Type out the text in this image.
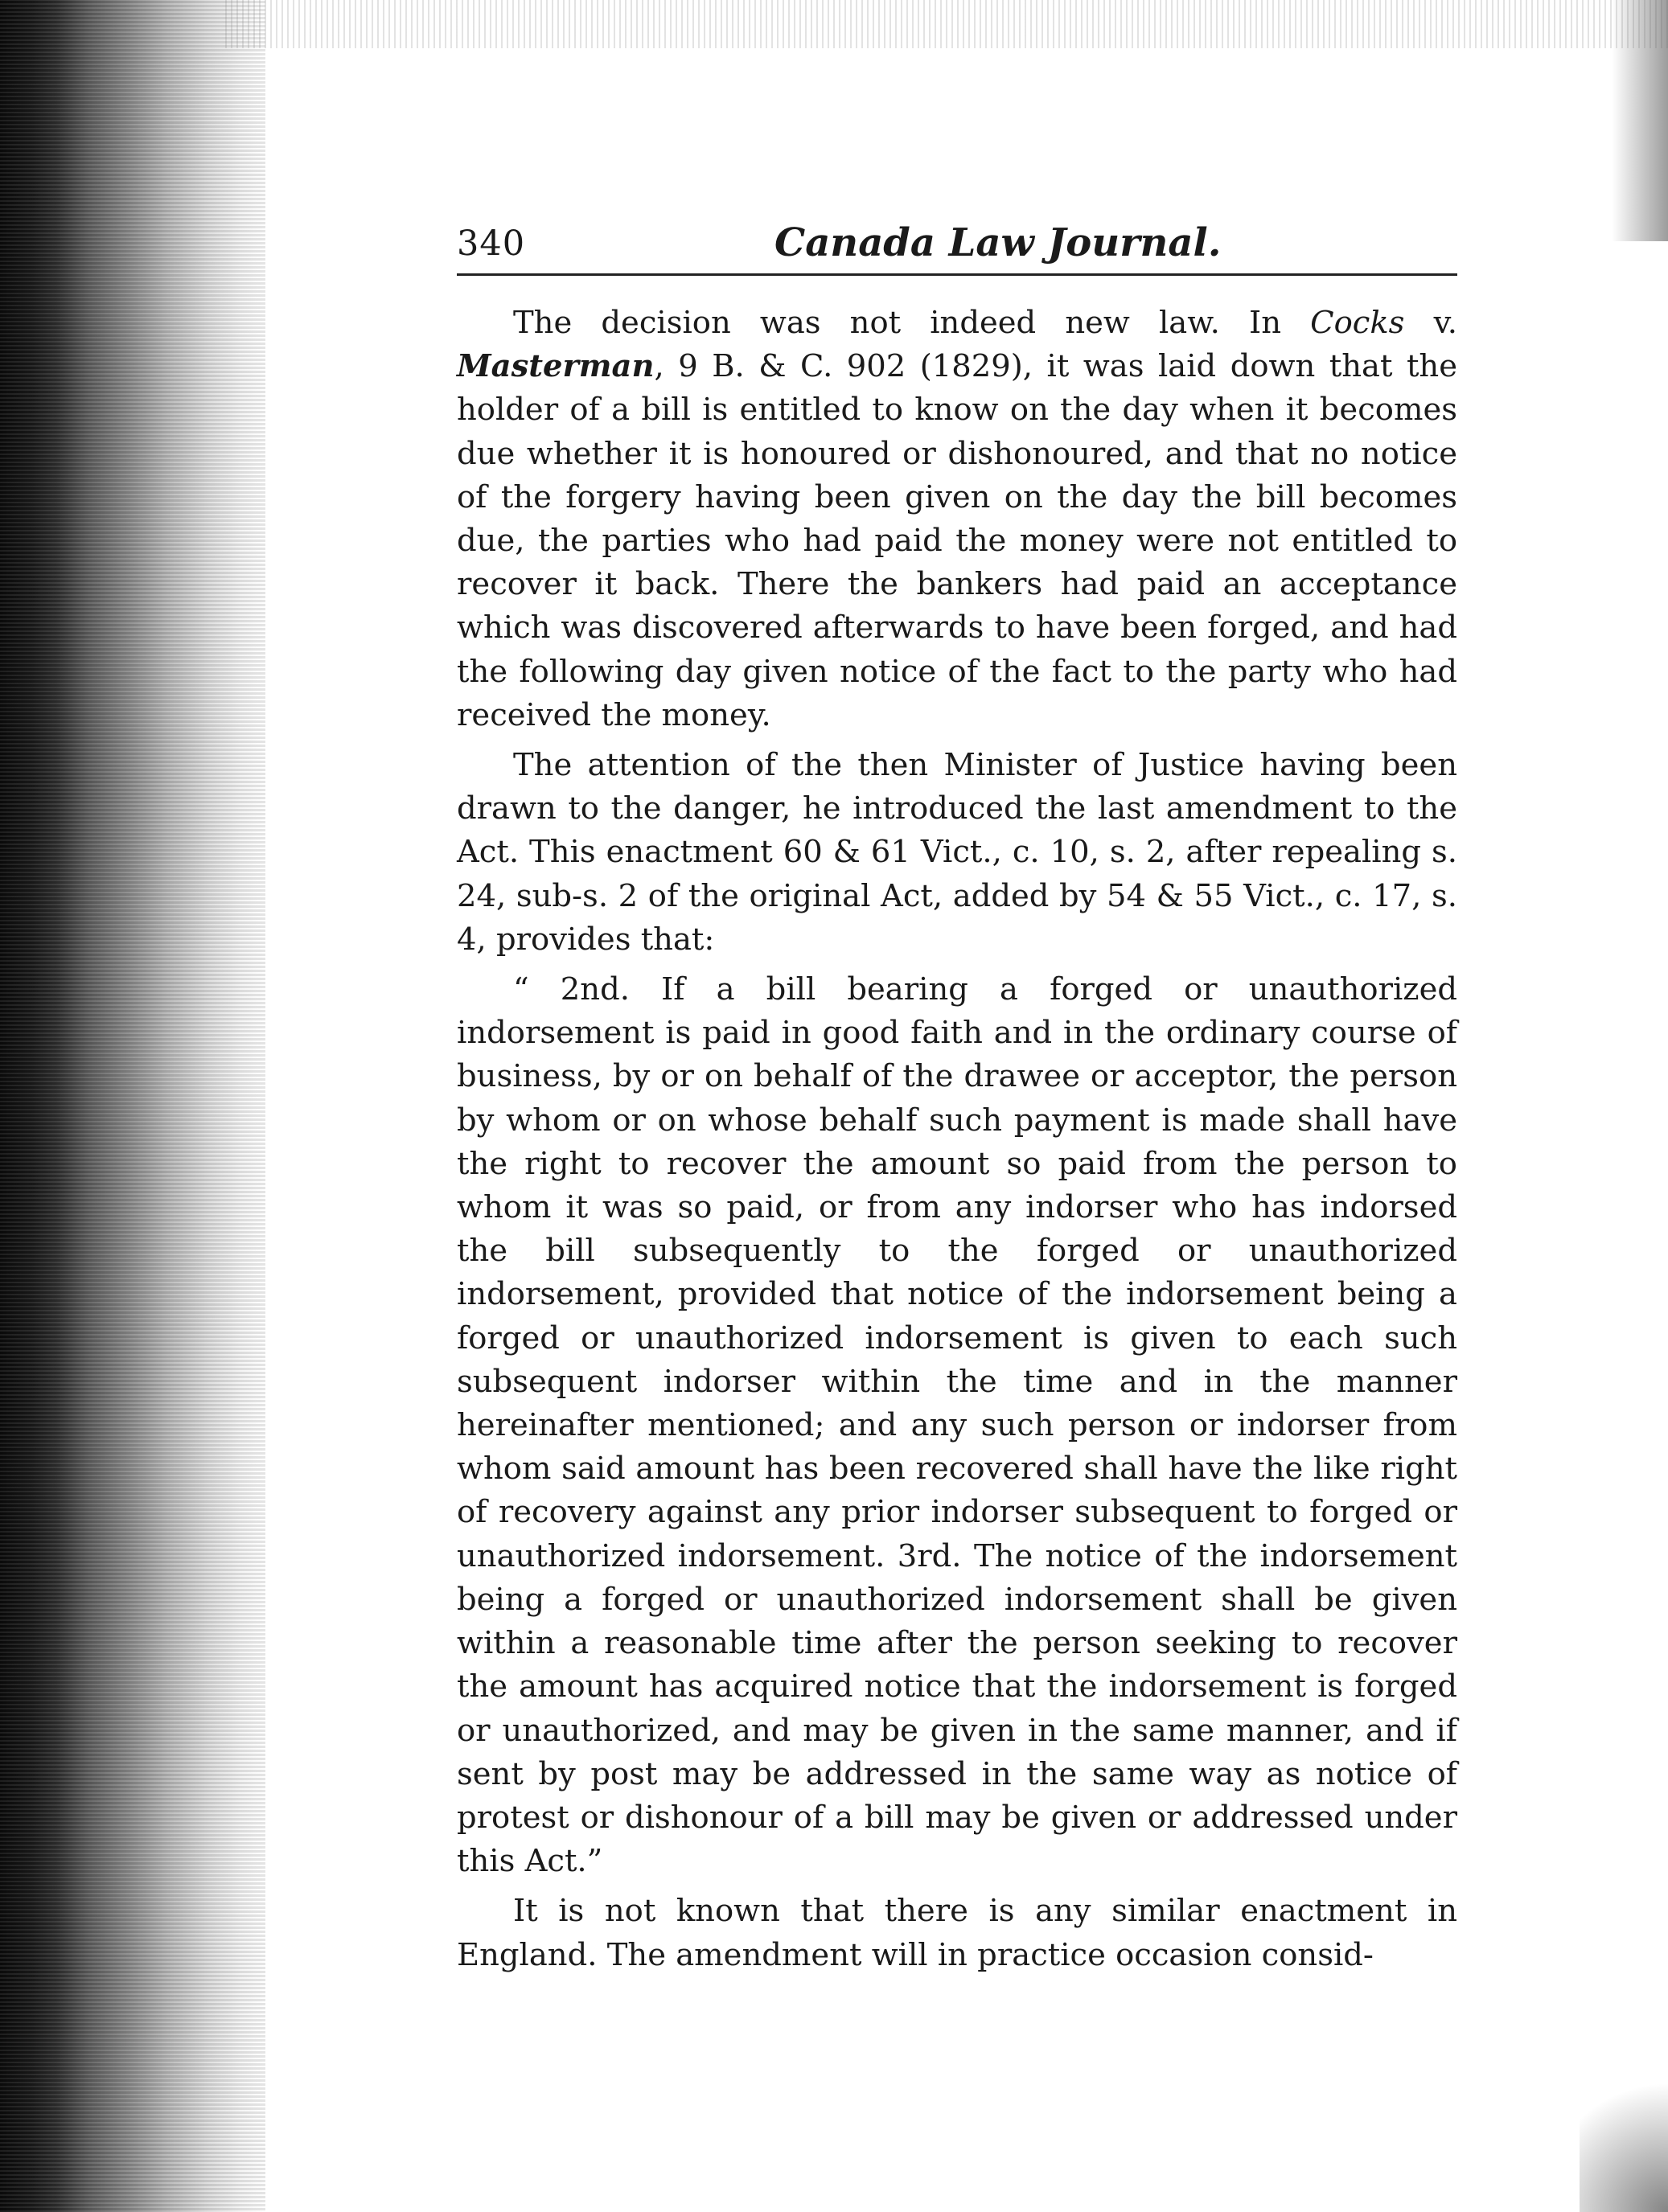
340	Canada Law Journal.

The decision was not indeed new law. In Cocks v. Masterman, 9 B. & C. 902 (1829), it was laid down that the holder of a bill is entitled to know on the day when it becomes due whether it is honoured or dishonoured, and that no notice of the forgery having been given on the day the bill becomes due, the parties who had paid the money were not entitled to recover it back. There the bankers had paid an acceptance which was discovered afterwards to have been forged, and had the following day given notice of the fact to the party who had received the money.

The attention of the then Minister of Justice having been drawn to the danger, he introduced the last amendment to the Act. This enactment 60 & 61 Vict., c. 10, s. 2, after repealing s. 24, sub-s. 2 of the original Act, added by 54 & 55 Vict., c. 17, s. 4, provides that:

“ 2nd. If a bill bearing a forged or unauthorized indorsement is paid in good faith and in the ordinary course of business, by or on behalf of the drawee or acceptor, the person by whom or on whose behalf such payment is made shall have the right to recover the amount so paid from the person to whom it was so paid, or from any indorser who has indorsed the bill subsequently to the forged or unauthorized indorsement, provided that notice of the indorsement being a forged or unauthorized indorsement is given to each such subsequent indorser within the time and in the manner hereinafter mentioned; and any such person or indorser from whom said amount has been recovered shall have the like right of recovery against any prior indorser subsequent to forged or unauthorized indorsement. 3rd. The notice of the indorsement being a forged or unauthorized indorsement shall be given within a reasonable time after the person seeking to recover the amount has acquired notice that the indorsement is forged or unauthorized, and may be given in the same manner, and if sent by post may be addressed in the same way as notice of protest or dishonour of a bill may be given or addressed under this Act.”

It is not known that there is any similar enactment in England. The amendment will in practice occasion consid-
